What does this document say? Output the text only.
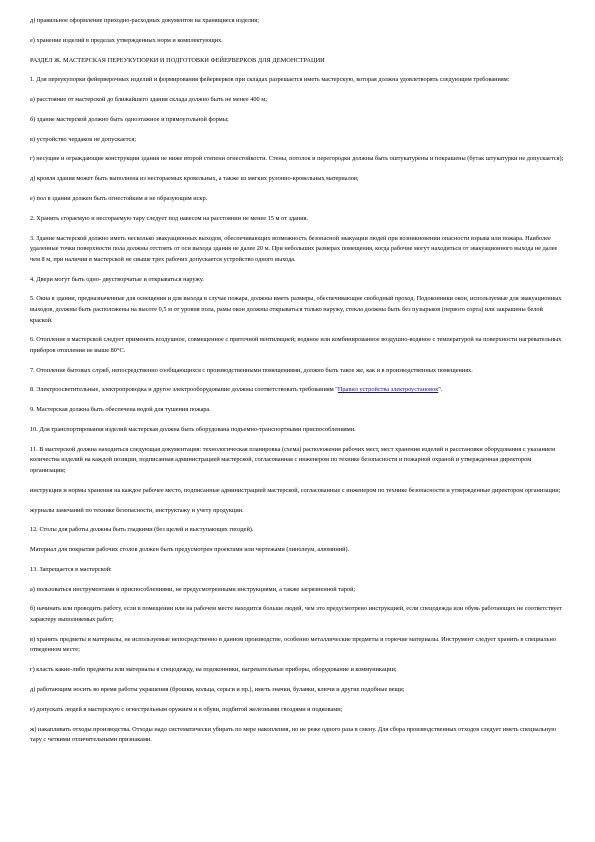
д) правильное оформление приходно-расходных документов на хранящиеся изделия;

е) хранение изделий в пределах утвержденных норм и комплектующих.

РАЗДЕЛ Ж. МАСТЕРСКАЯ ПЕРЕУКУПОРКИ И ПОДГОТОВКИ ФЕЙЕРВЕРКОВ ДЛЯ ДЕМОНСТРАЦИИ

1. Для переукупорки фейерверочных изделий и формирования фейерверков при складах разрешается иметь мастерскую, которая должна удовлетворять следующим требованиям:

а) расстояние от мастерской до ближайшего здания склада должно быть не менее 400 м;

б) здание мастерской должно быть одноэтажное и прямоугольной формы;

в) устройство чердаков не допускается;

г) несущие и ограждающие конструкции здания не ниже второй степени огнестойкости. Стены, потолок и перегородки должны быть оштукатурены и покрашены (бутак штукатурки не допускается);

д) кровля здания может быть выполнена из несгораемых кровельных, а также из мягких рулонно-кровельных материалов;

е) пол в здании должен быть огнестойким и не образующим искр.

2. Хранить сгораемую и несгораемую тару следует под навесом на расстоянии не менее 15 м от здания.

3. Здание мастерской должно иметь несколько эвакуационных выходов, обеспечивающих возможность безопасной эвакуации людей при возникновении опасности взрыва или пожара. Наиболее удаленные точки поверхности пола должны отстоять от оси выхода здания не далее 20 м. При небольших размерах помещения, когда рабочие могут находиться от эвакуационного выхода не далее чем 8 м, при наличии в мастерской не свыше трех рабочих допускается устройство одного выхода.

4. Двери могут быть одно- двустворчатые и открываться наружу.

5. Окна в здании, предназначенные для освещения и для выхода в случае пожара, должны иметь размеры, обеспечивающие свободный проход. Подоконники окон, используемые для эвакуационных выходов, должны быть расположены на высоте 0,5 м от уровня пола, рамы окон должны открываться только наружу, стекла должны быть без пузырьков (первого сорта) или закрашены белой краской.

6. Отопление в мастерской следует применять воздушное, совмещенное с приточной вентиляцией; водяное или комбинированное воздушно-водяное с температурой на поверхности нагревательных приборов отопления не выше 80°С.

7. Отопление бытовых служб, непосредственно сообщающихся с производственными помещениями, должно быть такое же, как и в производственных помещениях.

8. Электроосветительные, электропроводка и другое электрооборудование должны соответствовать требованиям "Правил устройства электроустановок".

9. Мастерская должна быть обеспечена водой для тушения пожара.

10. Для транспортирования изделий мастерская должна быть оборудована подъемно-транспортными приспособлениями.

11. В мастерской должна находиться следующая документация: технологическая планировка (схема) расположения рабочих мест, мест хранения изделий и расстановки оборудования с указанием количества изделий на каждой позиции, подписанная администрацией мастерской, согласованная с инженером по технике безопасности и пожарной охраной и утвержденная директором организации;

инструкции и нормы хранения на каждое рабочее место, подписанные администрацией мастерской, согласованные с инженером по технике безопасности и утвержденные директором организации;

журналы замечаний по технике безопасности, инструктажу и учету продукции.

12. Столы для работы должны быть гладкими (без щелей и выступающих гвоздей).

Материал для покрытия рабочих столов должен быть предусмотрен проектами или чертежами (линолеум, алюминий).

13. Запрещается в мастерской:

а) пользоваться инструментами и приспособлениями, не предусмотренными инструкциями, а также загрязненной тарой;

б) начинать или проводить работу, если в помещении или на рабочем месте находится больше людей, чем это предусмотрено инструкцией, если спецодежда или обувь работающих не соответствует характеру выполняемых работ;

в) хранить предметы и материалы, не используемые непосредственно в данном производстве, особенно металлические предметы и горючие материалы. Инструмент следует хранить в специально отведенном месте;

г) класть какие-либо предметы или материалы в спецодежду, на подоконники, нагревательные приборы, оборудование и коммуникации;

д) работающим носить во время работы украшения (брошки, кольца, серьги и пр.), иметь значки, булавки, ключи и другие подобные вещи;

е) допускать людей в мастерскую с огнестрельным оружием и в обуви, подбитой железными гвоздями и подковами;

ж) накапливать отходы производства. Отходы надо систематически убирать по мере накопления, но не реже одного раза в смену. Для сбора производственных отходов следует иметь специальную тару с четкими отличительными признаками.
